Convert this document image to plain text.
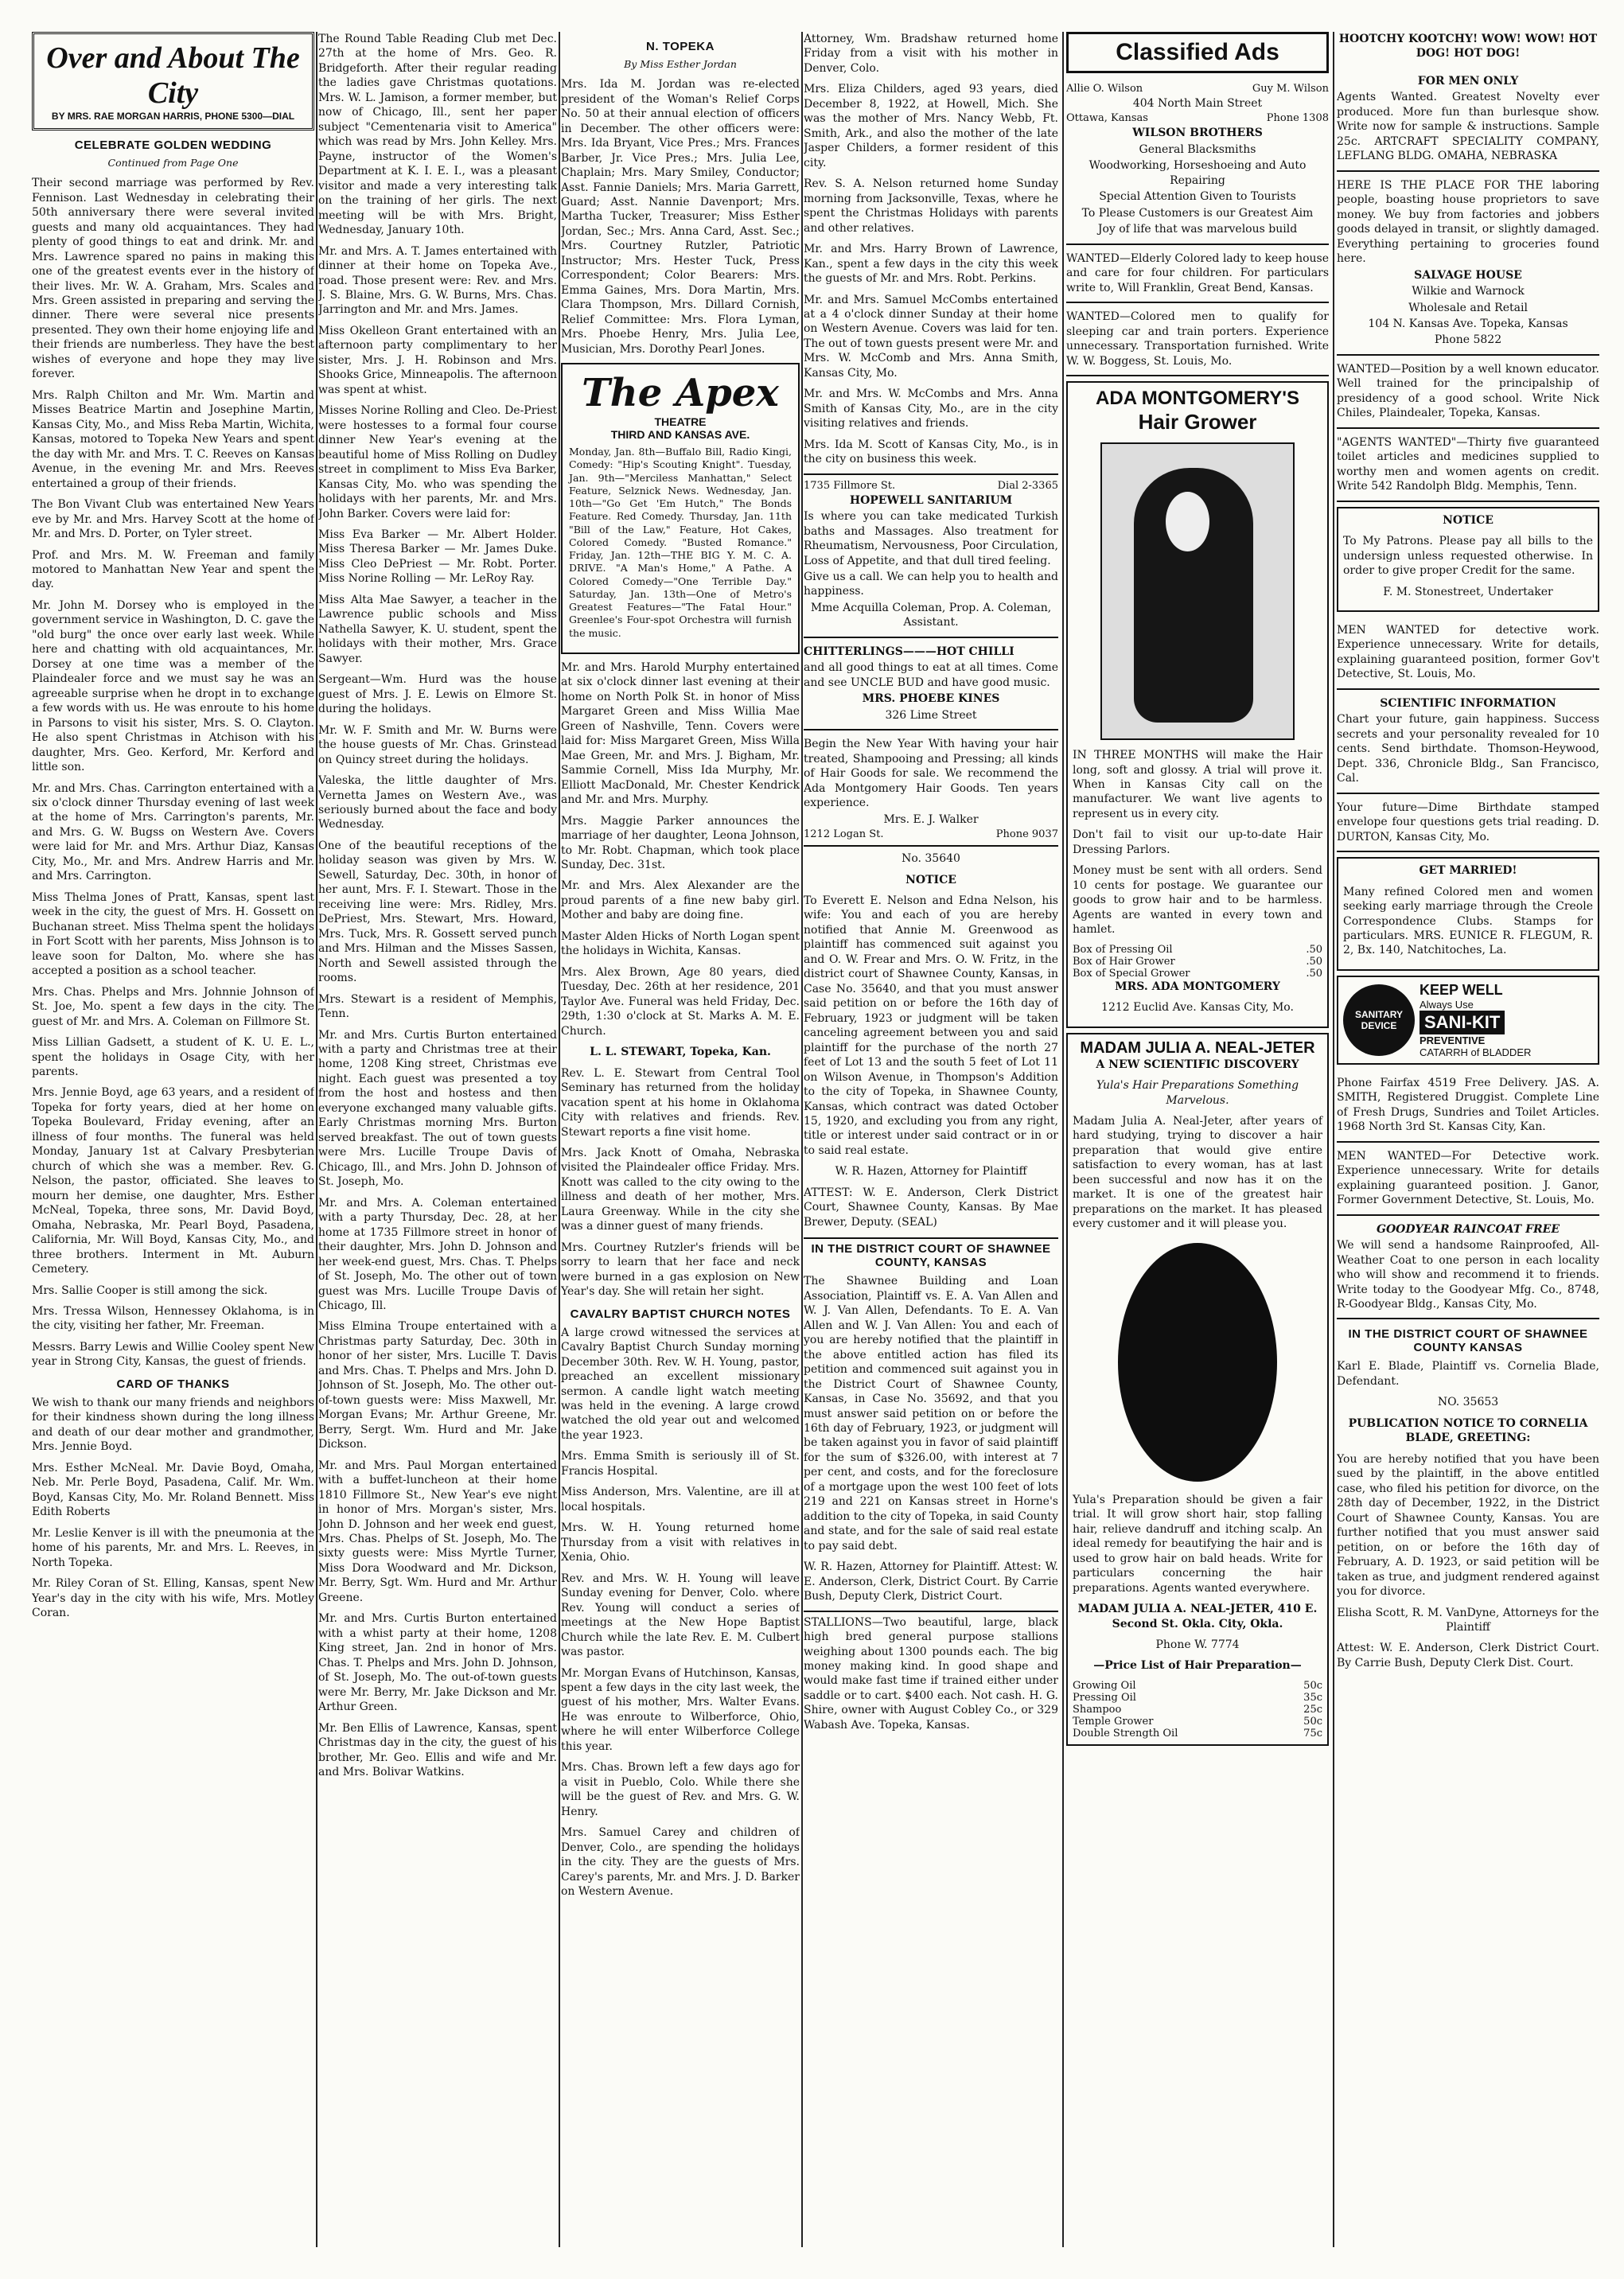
Over and About The City
BY MRS. RAE MORGAN HARRIS, PHONE 5300—DIAL
CELEBRATE GOLDEN WEDDING

Continued from Page One

Their second marriage was performed by Rev. Fennison. Last Wednesday in celebrating their 50th anniversary there were several invited guests and many old acquaintances. They had plenty of good things to eat and drink. Mr. and Mrs. Lawrence spared no pains in making this one of the greatest events ever in the history of their lives. Mr. W. A. Graham, Mrs. Scales and Mrs. Green assisted in preparing and serving the dinner. There were several nice presents presented. They own their home enjoying life and their friends are numberless. They have the best wishes of everyone and hope they may live forever.

Mrs. Ralph Chilton and Mr. Wm. Martin and Misses Beatrice Martin and Josephine Martin, Kansas City, Mo., and Miss Reba Martin, Wichita, Kansas, motored to Topeka New Years and spent the day with Mr. and Mrs. T. C. Reeves on Kansas Avenue, in the evening Mr. and Mrs. Reeves entertained a group of their friends.

The Bon Vivant Club was entertained New Years eve by Mr. and Mrs. Harvey Scott at the home of Mr. and Mrs. D. Porter, on Tyler street.

Prof. and Mrs. M. W. Freeman and family motored to Manhattan New Year and spent the day.

Mr. John M. Dorsey who is employed in the government service in Washington, D. C. gave the "old burg" the once over early last week. While here and chatting with old acquaintances, Mr. Dorsey at one time was a member of the Plaindealer force and we must say he was an agreeable surprise when he dropt in to exchange a few words with us. He was enroute to his home in Parsons to visit his sister, Mrs. S. O. Clayton. He also spent Christmas in Atchison with his daughter, Mrs. Geo. Kerford, Mr. Kerford and little son.

Mr. and Mrs. Chas. Carrington entertained with a six o'clock dinner Thursday evening of last week at the home of Mrs. Carrington's parents, Mr. and Mrs. G. W. Bugss on Western Ave. Covers were laid for Mr. and Mrs. Arthur Diaz, Kansas City, Mo., Mr. and Mrs. Andrew Harris and Mr. and Mrs. Carrington.

Miss Thelma Jones of Pratt, Kansas, spent last week in the city, the guest of Mrs. H. Gossett on Buchanan street. Miss Thelma spent the holidays in Fort Scott with her parents, Miss Johnson is to leave soon for Dalton, Mo. where she has accepted a position as a school teacher.

Mrs. Chas. Phelps and Mrs. Johnnie Johnson of St. Joe, Mo. spent a few days in the city. The guest of Mr. and Mrs. A. Coleman on Fillmore St.

Miss Lillian Gadsett, a student of K. U. E. L., spent the holidays in Osage City, with her parents.

Mrs. Jennie Boyd, age 63 years, and a resident of Topeka for forty years, died at her home on Topeka Boulevard, Friday evening, after an illness of four months. The funeral was held Monday, January 1st at Calvary Presbyterian church of which she was a member. Rev. G. Nelson, the pastor, officiated. She leaves to mourn her demise, one daughter, Mrs. Esther McNeal, Topeka, three sons, Mr. David Boyd, Omaha, Nebraska, Mr. Pearl Boyd, Pasadena, California, Mr. Will Boyd, Kansas City, Mo., and three brothers. Interment in Mt. Auburn Cemetery.

Mrs. Sallie Cooper is still among the sick.

Mrs. Tressa Wilson, Hennessey Oklahoma, is in the city, visiting her father, Mr. Freeman.

Messrs. Barry Lewis and Willie Cooley spent New year in Strong City, Kansas, the guest of friends.

CARD OF THANKS

We wish to thank our many friends and neighbors for their kindness shown during the long illness and death of our dear mother and grandmother, Mrs. Jennie Boyd.

Mrs. Esther McNeal. Mr. Davie Boyd, Omaha, Neb. Mr. Perle Boyd, Pasadena, Calif. Mr. Wm. Boyd, Kansas City, Mo. Mr. Roland Bennett. Miss Edith Roberts

Mr. Leslie Kenver is ill with the pneumonia at the home of his parents, Mr. and Mrs. L. Reeves, in North Topeka.

Mr. Riley Coran of St. Elling, Kansas, spent New Year's day in the city with his wife, Mrs. Motley Coran.

The Round Table Reading Club met Dec. 27th at the home of Mrs. Geo. R. Bridgeforth. After their regular reading the ladies gave Christmas quotations. Mrs. W. L. Jamison, a former member, but now of Chicago, Ill., sent her paper subject "Cementenaria visit to America" which was read by Mrs. John Kelley. Mrs. Payne, instructor of the Women's Department at K. I. E. I., was a pleasant visitor and made a very interesting talk on the training of her girls. The next meeting will be with Mrs. Bright, Wednesday, January 10th.

Mr. and Mrs. A. T. James entertained with dinner at their home on Topeka Ave., road. Those present were: Rev. and Mrs. J. S. Blaine, Mrs. G. W. Burns, Mrs. Chas. Jarrington and Mr. and Mrs. James.

Miss Okelleon Grant entertained with an afternoon party complimentary to her sister, Mrs. J. H. Robinson and Mrs. Shooks Grice, Minneapolis. The afternoon was spent at whist.

Misses Norine Rolling and Cleo. De-Priest were hostesses to a formal four course dinner New Year's evening at the beautiful home of Miss Rolling on Dudley street in compliment to Miss Eva Barker, Kansas City, Mo. who was spending the holidays with her parents, Mr. and Mrs. John Barker. Covers were laid for:

Miss Eva Barker — Mr. Albert Holder. Miss Theresa Barker — Mr. James Duke. Miss Cleo DePriest — Mr. Robt. Porter. Miss Norine Rolling — Mr. LeRoy Ray.

Miss Alta Mae Sawyer, a teacher in the Lawrence public schools and Miss Nathella Sawyer, K. U. student, spent the holidays with their mother, Mrs. Grace Sawyer.

Sergeant—Wm. Hurd was the house guest of Mrs. J. E. Lewis on Elmore St. during the holidays.

Mr. W. F. Smith and Mr. W. Burns were the house guests of Mr. Chas. Grinstead on Quincy street during the holidays.

Valeska, the little daughter of Mrs. Vernetta James on Western Ave., was seriously burned about the face and body Wednesday.

One of the beautiful receptions of the holiday season was given by Mrs. W. Sewell, Saturday, Dec. 30th, in honor of her aunt, Mrs. F. I. Stewart. Those in the receiving line were: Mrs. Ridley, Mrs. DePriest, Mrs. Stewart, Mrs. Howard, Mrs. Tuck, Mrs. R. Gossett served punch and Mrs. Hilman and the Misses Sassen, North and Sewell assisted through the rooms.

Mrs. Stewart is a resident of Memphis, Tenn.

Mr. and Mrs. Curtis Burton entertained with a party and Christmas tree at their home, 1208 King street, Christmas eve night. Each guest was presented a toy from the host and hostess and then everyone exchanged many valuable gifts. Early Christmas morning Mrs. Burton served breakfast. The out of town guests were Mrs. Lucille Troupe Davis of Chicago, Ill., and Mrs. John D. Johnson of St. Joseph, Mo.

Mr. and Mrs. A. Coleman entertained with a party Thursday, Dec. 28, at her home at 1735 Fillmore street in honor of their daughter, Mrs. John D. Johnson and her week-end guest, Mrs. Chas. T. Phelps of St. Joseph, Mo. The other out of town guest was Mrs. Lucille Troupe Davis of Chicago, Ill.

Miss Elmina Troupe entertained with a Christmas party Saturday, Dec. 30th in honor of her sister, Mrs. Lucille T. Davis and Mrs. Chas. T. Phelps and Mrs. John D. Johnson of St. Joseph, Mo. The other out-of-town guests were: Miss Maxwell, Mr. Morgan Evans; Mr. Arthur Greene, Mr. Berry, Sergt. Wm. Hurd and Mr. Jake Dickson.

Mr. and Mrs. Paul Morgan entertained with a buffet-luncheon at their home 1810 Fillmore St., New Year's eve night in honor of Mrs. Morgan's sister, Mrs. John D. Johnson and her week end guest, Mrs. Chas. Phelps of St. Joseph, Mo. The sixty guests were: Miss Myrtle Turner, Miss Dora Woodward and Mr. Dickson, Mr. Berry, Sgt. Wm. Hurd and Mr. Arthur Greene.

Mr. and Mrs. Curtis Burton entertained with a whist party at their home, 1208 King street, Jan. 2nd in honor of Mrs. Chas. T. Phelps and Mrs. John D. Johnson, of St. Joseph, Mo. The out-of-town guests were Mr. Berry, Mr. Jake Dickson and Mr. Arthur Green.

Mr. Ben Ellis of Lawrence, Kansas, spent Christmas day in the city, the guest of his brother, Mr. Geo. Ellis and wife and Mr. and Mrs. Bolivar Watkins.

N. TOPEKA

By Miss Esther Jordan

Mrs. Ida M. Jordan was re-elected president of the Woman's Relief Corps No. 50 at their annual election of officers in December. The other officers were: Mrs. Ida Bryant, Vice Pres.; Mrs. Frances Barber, Jr. Vice Pres.; Mrs. Julia Lee, Chaplain; Mrs. Mary Smiley, Conductor; Asst. Fannie Daniels; Mrs. Maria Garrett, Guard; Asst. Nannie Davenport; Mrs. Martha Tucker, Treasurer; Miss Esther Jordan, Sec.; Mrs. Anna Card, Asst. Sec.; Mrs. Courtney Rutzler, Patriotic Instructor; Mrs. Hester Tuck, Press Correspondent; Color Bearers: Mrs. Emma Gaines, Mrs. Dora Martin, Mrs. Clara Thompson, Mrs. Dillard Cornish, Relief Committee: Mrs. Flora Lyman, Mrs. Phoebe Henry, Mrs. Julia Lee, Musician, Mrs. Dorothy Pearl Jones.

The Apex
THEATRE
THIRD AND KANSAS AVE.

Monday, Jan. 8th—Buffalo Bill, Radio Kingi, Comedy: "Hip's Scouting Knight". Tuesday, Jan. 9th—"Merciless Manhattan," Select Feature, Selznick News. Wednesday, Jan. 10th—"Go Get 'Em Hutch," The Bonds Feature. Red Comedy. Thursday, Jan. 11th "Bill of the Law," Feature, Hot Cakes, Colored Comedy. "Busted Romance." Friday, Jan. 12th—THE BIG Y. M. C. A. DRIVE. "A Man's Home," A Pathe. A Colored Comedy—"One Terrible Day." Saturday, Jan. 13th—One of Metro's Greatest Features—"The Fatal Hour." Greenlee's Four-spot Orchestra will furnish the music.

Mr. and Mrs. Harold Murphy entertained at six o'clock dinner last evening at their home on North Polk St. in honor of Miss Margaret Green and Miss Willia Mae Green of Nashville, Tenn. Covers were laid for: Miss Margaret Green, Miss Willa Mae Green, Mr. and Mrs. J. Bigham, Mr. Sammie Cornell, Miss Ida Murphy, Mr. Elliott MacDonald, Mr. Chester Kendrick and Mr. and Mrs. Murphy.

Mrs. Maggie Parker announces the marriage of her daughter, Leona Johnson, to Mr. Robt. Chapman, which took place Sunday, Dec. 31st.

Mr. and Mrs. Alex Alexander are the proud parents of a fine new baby girl. Mother and baby are doing fine.

Master Alden Hicks of North Logan spent the holidays in Wichita, Kansas.

Mrs. Alex Brown, Age 80 years, died Tuesday, Dec. 26th at her residence, 201 Taylor Ave. Funeral was held Friday, Dec. 29th, 1:30 o'clock at St. Marks A. M. E. Church.

L. L. STEWART, Topeka, Kan.

Rev. L. E. Stewart from Central Tool Seminary has returned from the holiday vacation spent at his home in Oklahoma City with relatives and friends. Rev. Stewart reports a fine visit home.

Mrs. Jack Knott of Omaha, Nebraska visited the Plaindealer office Friday. Mrs. Knott was called to the city owing to the illness and death of her mother, Mrs. Laura Greenway. While in the city she was a dinner guest of many friends.

Mrs. Courtney Rutzler's friends will be sorry to learn that her face and neck were burned in a gas explosion on New Year's day. She will retain her sight.

CAVALRY BAPTIST CHURCH NOTES

A large crowd witnessed the services at Cavalry Baptist Church Sunday morning December 30th. Rev. W. H. Young, pastor, preached an excellent missionary sermon. A candle light watch meeting was held in the evening. A large crowd watched the old year out and welcomed the year 1923.

Mrs. Emma Smith is seriously ill of St. Francis Hospital.

Miss Anderson, Mrs. Valentine, are ill at local hospitals.

Mrs. W. H. Young returned home Thursday from a visit with relatives in Xenia, Ohio.

Rev. and Mrs. W. H. Young will leave Sunday evening for Denver, Colo. where Rev. Young will conduct a series of meetings at the New Hope Baptist Church while the late Rev. E. M. Culbert was pastor.

Mr. Morgan Evans of Hutchinson, Kansas, spent a few days in the city last week, the guest of his mother, Mrs. Walter Evans. He was enroute to Wilberforce, Ohio, where he will enter Wilberforce College this year.

Mrs. Chas. Brown left a few days ago for a visit in Pueblo, Colo. While there she will be the guest of Rev. and Mrs. G. W. Henry.

Mrs. Samuel Carey and children of Denver, Colo., are spending the holidays in the city. They are the guests of Mrs. Carey's parents, Mr. and Mrs. J. D. Barker on Western Avenue.

Attorney, Wm. Bradshaw returned home Friday from a visit with his mother in Denver, Colo.

Mrs. Eliza Childers, aged 93 years, died December 8, 1922, at Howell, Mich. She was the mother of Mrs. Nancy Webb, Ft. Smith, Ark., and also the mother of the late Jasper Childers, a former resident of this city.

Rev. S. A. Nelson returned home Sunday morning from Jacksonville, Texas, where he spent the Christmas Holidays with parents and other relatives.

Mr. and Mrs. Harry Brown of Lawrence, Kan., spent a few days in the city this week the guests of Mr. and Mrs. Robt. Perkins.

Mr. and Mrs. Samuel McCombs entertained at a 4 o'clock dinner Sunday at their home on Western Avenue. Covers was laid for ten. The out of town guests present were Mr. and Mrs. W. McComb and Mrs. Anna Smith, Kansas City, Mo.

Mr. and Mrs. W. McCombs and Mrs. Anna Smith of Kansas City, Mo., are in the city visiting relatives and friends.

Mrs. Ida M. Scott of Kansas City, Mo., is in the city on business this week.

1735 Fillmore St.	Dial 2-3365

HOPEWELL SANITARIUM

Is where you can take medicated Turkish baths and Massages. Also treatment for Rheumatism, Nervousness, Poor Circulation, Loss of Appetite, and that dull tired feeling.

Give us a call. We can help you to health and happiness.

Mme Acquilla Coleman, Prop. A. Coleman, Assistant.

CHITTERLINGS———HOT CHILLI

and all good things to eat at all times. Come and see UNCLE BUD and have good music.

MRS. PHOEBE KINES

326 Lime Street

Begin the New Year With having your hair treated, Shampooing and Pressing; all kinds of Hair Goods for sale. We recommend the Ada Montgomery Hair Goods. Ten years experience.

Mrs. E. J. Walker

1212 Logan St.	Phone 9037

No. 35640

NOTICE

To Everett E. Nelson and Edna Nelson, his wife: You and each of you are hereby notified that Annie M. Greenwood as plaintiff has commenced suit against you and O. W. Frear and Mrs. O. W. Fritz, in the district court of Shawnee County, Kansas, in Case No. 35640, and that you must answer said petition on or before the 16th day of February, 1923 or judgment will be taken canceling agreement between you and said plaintiff for the purchase of the north 27 feet of Lot 13 and the south 5 feet of Lot 11 on Wilson Avenue, in Thompson's Addition to the city of Topeka, in Shawnee County, Kansas, which contract was dated October 15, 1920, and excluding you from any right, title or interest under said contract or in or to said real estate.

W. R. Hazen, Attorney for Plaintiff

ATTEST: W. E. Anderson, Clerk District Court, Shawnee County, Kansas. By Mae Brewer, Deputy. (SEAL)

IN THE DISTRICT COURT OF SHAWNEE COUNTY, KANSAS

The Shawnee Building and Loan Association, Plaintiff vs. E. A. Van Allen and W. J. Van Allen, Defendants. To E. A. Van Allen and W. J. Van Allen: You and each of you are hereby notified that the plaintiff in the above entitled action has filed its petition and commenced suit against you in the District Court of Shawnee County, Kansas, in Case No. 35692, and that you must answer said petition on or before the 16th day of February, 1923, or judgment will be taken against you in favor of said plaintiff for the sum of $326.00, with interest at 7 per cent, and costs, and for the foreclosure of a mortgage upon the west 100 feet of lots 219 and 221 on Kansas street in Horne's addition to the city of Topeka, in said County and state, and for the sale of said real estate to pay said debt.

W. R. Hazen, Attorney for Plaintiff. Attest: W. E. Anderson, Clerk, District Court. By Carrie Bush, Deputy Clerk, District Court.

STALLIONS—Two beautiful, large, black high bred general purpose stallions weighing about 1300 pounds each. The big money making kind. In good shape and would make fast time if trained either under saddle or to cart. $400 each. Not cash. H. G. Shire, owner with August Cobley Co., or 329 Wabash Ave. Topeka, Kansas.

Classified Ads
Allie O. Wilson	Guy M. Wilson

404 North Main Street

Ottawa, Kansas	Phone 1308

WILSON BROTHERS

General Blacksmiths

Woodworking, Horseshoeing and Auto Repairing

Special Attention Given to Tourists

To Please Customers is our Greatest Aim

Joy of life that was marvelous build

WANTED—Elderly Colored lady to keep house and care for four children. For particulars write to, Will Franklin, Great Bend, Kansas.

WANTED—Colored men to qualify for sleeping car and train porters. Experience unnecessary. Transportation furnished. Write W. W. Boggess, St. Louis, Mo.

ADA MONTGOMERY'S
Hair Grower

IN THREE MONTHS will make the Hair long, soft and glossy. A trial will prove it. When in Kansas City call on the manufacturer. We want live agents to represent us in every city.

Don't fail to visit our up-to-date Hair Dressing Parlors.

Money must be sent with all orders. Send 10 cents for postage. We guarantee our goods to grow hair and to be harmless. Agents are wanted in every town and hamlet.

Box of Pressing Oil	.50
Box of Hair Grower	.50
Box of Special Grower	.50

MRS. ADA MONTGOMERY

1212 Euclid Ave. Kansas City, Mo.

MADAM JULIA A. NEAL-JETER

A NEW SCIENTIFIC DISCOVERY

Yula's Hair Preparations Something Marvelous.

Madam Julia A. Neal-Jeter, after years of hard studying, trying to discover a hair preparation that would give entire satisfaction to every woman, has at last been successful and now has it on the market. It is one of the greatest hair preparations on the market. It has pleased every customer and it will please you.

Yula's Preparation should be given a fair trial. It will grow short hair, stop falling hair, relieve dandruff and itching scalp. An ideal remedy for beautifying the hair and is used to grow hair on bald heads. Write for particulars concerning the hair preparations. Agents wanted everywhere.

MADAM JULIA A. NEAL-JETER, 410 E. Second St. Okla. City, Okla.

Phone W. 7774

—Price List of Hair Preparation—

Growing Oil	50c
Pressing Oil	35c
Shampoo	25c
Temple Grower	50c
Double Strength Oil	75c

HOOTCHY KOOTCHY! WOW! WOW! HOT DOG! HOT DOG!

FOR MEN ONLY

Agents Wanted. Greatest Novelty ever produced. More fun than burlesque show. Write now for sample & instructions. Sample 25c. ARTCRAFT SPECIALITY COMPANY, LEFLANG BLDG. OMAHA, NEBRASKA

HERE IS THE PLACE FOR THE laboring people, boasting house proprietors to save money. We buy from factories and jobbers goods delayed in transit, or slightly damaged. Everything pertaining to groceries found here.

SALVAGE HOUSE

Wilkie and Warnock

Wholesale and Retail

104 N. Kansas Ave. Topeka, Kansas

Phone 5822

WANTED—Position by a well known educator. Well trained for the principalship of presidency of a good school. Write Nick Chiles, Plaindealer, Topeka, Kansas.

"AGENTS WANTED"—Thirty five guaranteed toilet articles and medicines supplied to worthy men and women agents on credit. Write 542 Randolph Bldg. Memphis, Tenn.

NOTICE

To My Patrons. Please pay all bills to the undersign unless requested otherwise. In order to give proper Credit for the same.

F. M. Stonestreet, Undertaker

MEN WANTED for detective work. Experience unnecessary. Write for details, explaining guaranteed position, former Gov't Detective, St. Louis, Mo.

SCIENTIFIC INFORMATION

Chart your future, gain happiness. Success secrets and your personality revealed for 10 cents. Send birthdate. Thomson-Heywood, Dept. 336, Chronicle Bldg., San Francisco, Cal.

Your future—Dime Birthdate stamped envelope four questions gets trial reading. D. DURTON, Kansas City, Mo.

GET MARRIED!

Many refined Colored men and women seeking early marriage through the Creole Correspondence Clubs. Stamps for particulars. MRS. EUNICE R. FLEGUM, R. 2, Bx. 140, Natchitoches, La.

SANITARY DEVICE
KEEP WELL
Always Use
SANI-KIT
PREVENTIVE
CATARRH of BLADDER

Phone Fairfax 4519 Free Delivery. JAS. A. SMITH, Registered Druggist. Complete Line of Fresh Drugs, Sundries and Toilet Articles. 1968 North 3rd St. Kansas City, Kan.

MEN WANTED—For Detective work. Experience unnecessary. Write for details explaining guaranteed position. J. Ganor, Former Government Detective, St. Louis, Mo.

GOODYEAR RAINCOAT FREE

We will send a handsome Rainproofed, All-Weather Coat to one person in each locality who will show and recommend it to friends. Write today to the Goodyear Mfg. Co., 8748, R-Goodyear Bldg., Kansas City, Mo.

IN THE DISTRICT COURT OF SHAWNEE COUNTY KANSAS

Karl E. Blade, Plaintiff vs. Cornelia Blade, Defendant.

NO. 35653

PUBLICATION NOTICE TO CORNELIA BLADE, GREETING:

You are hereby notified that you have been sued by the plaintiff, in the above entitled case, who filed his petition for divorce, on the 28th day of December, 1922, in the District Court of Shawnee County, Kansas. You are further notified that you must answer said petition, on or before the 16th day of February, A. D. 1923, or said petition will be taken as true, and judgment rendered against you for divorce.

Elisha Scott, R. M. VanDyne, Attorneys for the Plaintiff

Attest: W. E. Anderson, Clerk District Court. By Carrie Bush, Deputy Clerk Dist. Court.
